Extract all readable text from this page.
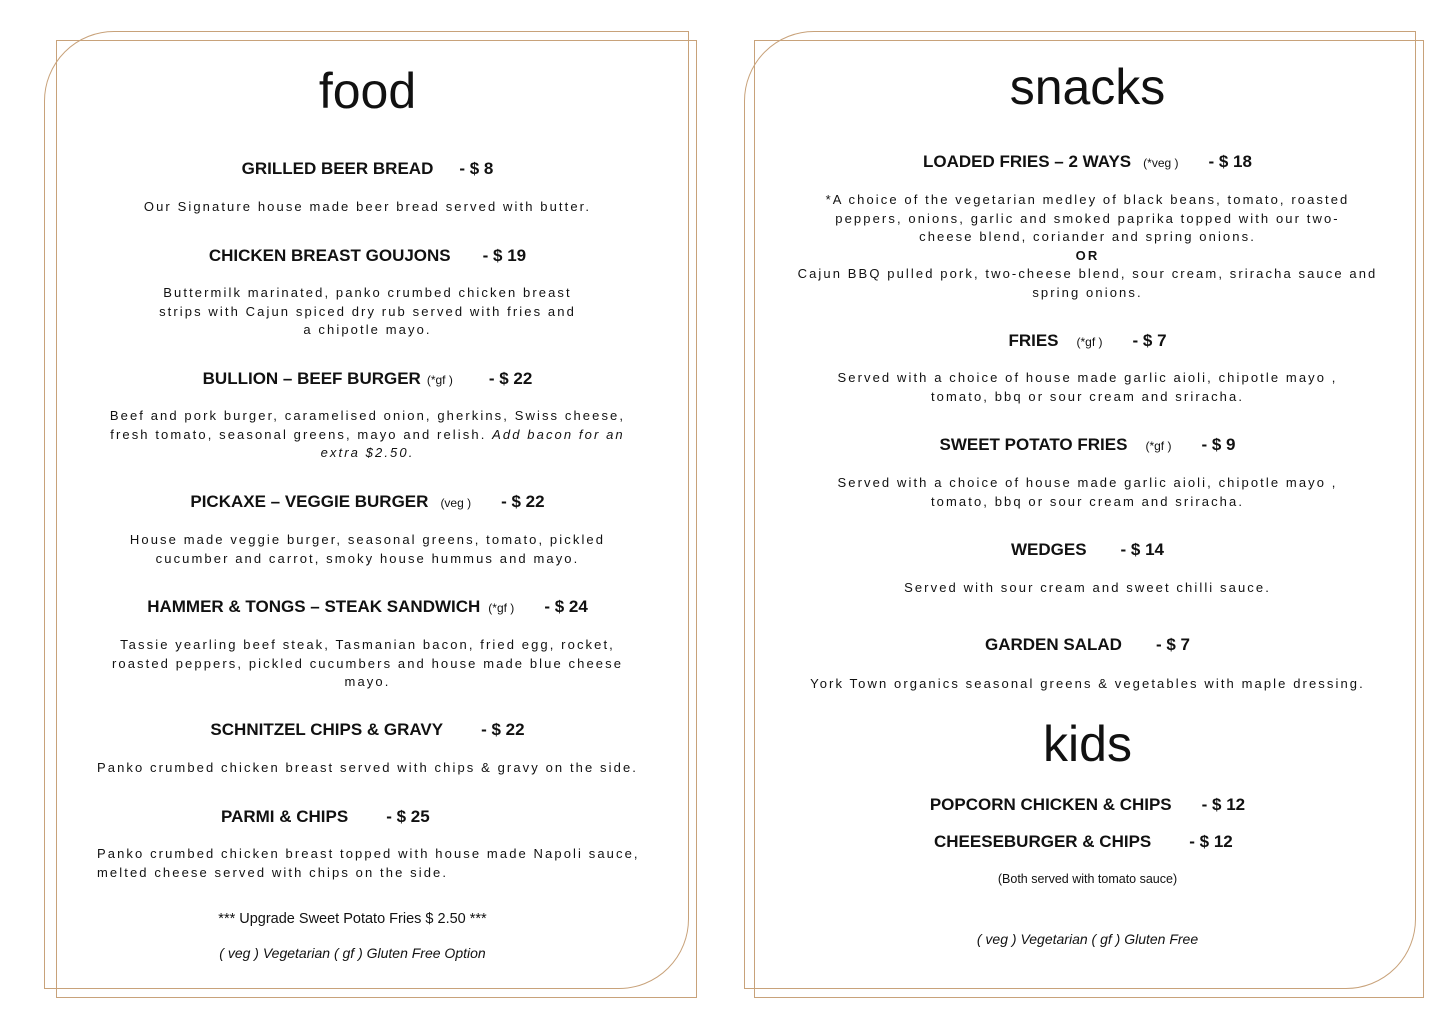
food
GRILLED BEER BREAD - $ 8
Our Signature house made beer bread served with butter.
CHICKEN BREAST GOUJONS - $ 19
Buttermilk marinated, panko crumbed chicken breast
strips with Cajun spiced dry rub served with fries and
a chipotle mayo.
BULLION – BEEF BURGER (*gf ) - $ 22
Beef and pork burger, caramelised onion, gherkins, Swiss cheese, fresh tomato, seasonal greens, mayo and relish. Add bacon for an extra $2.50.
PICKAXE – VEGGIE BURGER (veg ) - $ 22
House made veggie burger, seasonal greens, tomato, pickled cucumber and carrot, smoky house hummus and mayo.
HAMMER & TONGS – STEAK SANDWICH (*gf ) - $ 24
Tassie yearling beef steak, Tasmanian bacon, fried egg, rocket, roasted peppers, pickled cucumbers and house made blue cheese mayo.
SCHNITZEL CHIPS & GRAVY - $ 22
Panko crumbed chicken breast served with chips & gravy on the side.
PARMI & CHIPS - $ 25
Panko crumbed chicken breast topped with house made Napoli sauce,
melted cheese served with chips on the side.
*** Upgrade Sweet Potato Fries $ 2.50 ***
( veg ) Vegetarian ( gf ) Gluten Free Option
snacks
LOADED FRIES – 2 WAYS (*veg ) - $ 18
*A choice of the vegetarian medley of black beans, tomato, roasted
peppers, onions, garlic and smoked paprika topped with our two-
cheese blend, coriander and spring onions.
OR
Cajun BBQ pulled pork, two-cheese blend, sour cream, sriracha sauce and spring onions.
FRIES (*gf ) - $ 7
Served with a choice of house made garlic aioli, chipotle mayo , tomato, bbq or sour cream and sriracha.
SWEET POTATO FRIES (*gf ) - $ 9
Served with a choice of house made garlic aioli, chipotle mayo , tomato, bbq or sour cream and sriracha.
WEDGES - $ 14
Served with sour cream and sweet chilli sauce.
GARDEN SALAD - $ 7
York Town organics seasonal greens & vegetables with maple dressing.
kids
POPCORN CHICKEN & CHIPS - $ 12
CHEESEBURGER & CHIPS - $ 12
(Both served with tomato sauce)
( veg ) Vegetarian ( gf ) Gluten Free
